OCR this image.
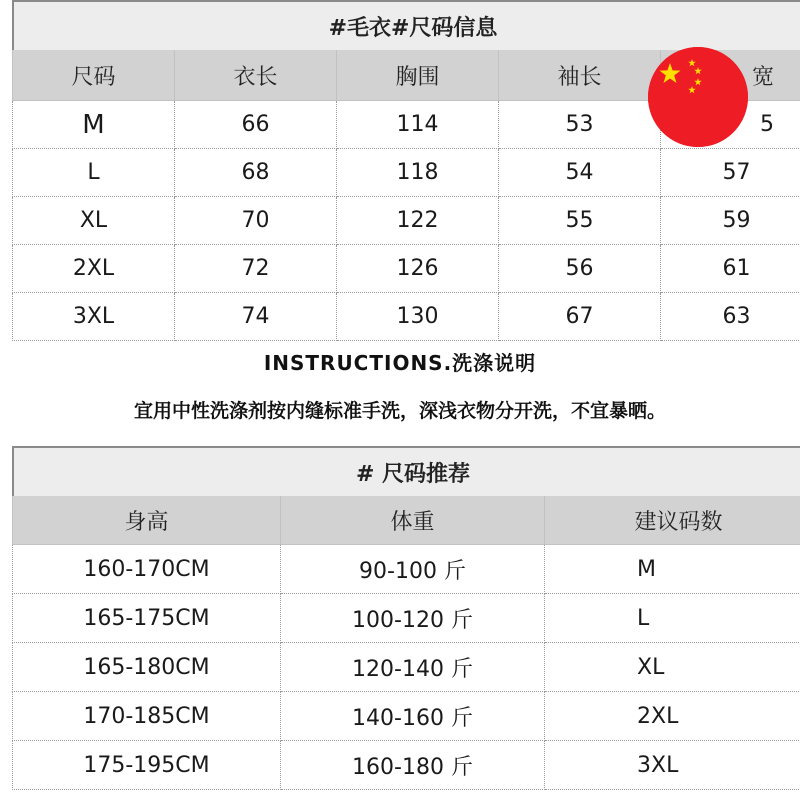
#毛衣#尺码信息
尺码	衣长	胸围	袖长	宽
M	66	114	53	5
L	68	118	54	57
XL	70	122	55	59
2XL	72	126	56	61
3XL	74	130	67	63
INSTRUCTIONS.洗涤说明
宜用中性洗涤剂按内缝标准手洗，深浅衣物分开洗，不宜暴晒。
# 尺码推荐
身高	体重	建议码数
160-170CM	90-100 斤	M
165-175CM	100-120 斤	L
165-180CM	120-140 斤	XL
170-185CM	140-160 斤	2XL
175-195CM	160-180 斤	3XL
